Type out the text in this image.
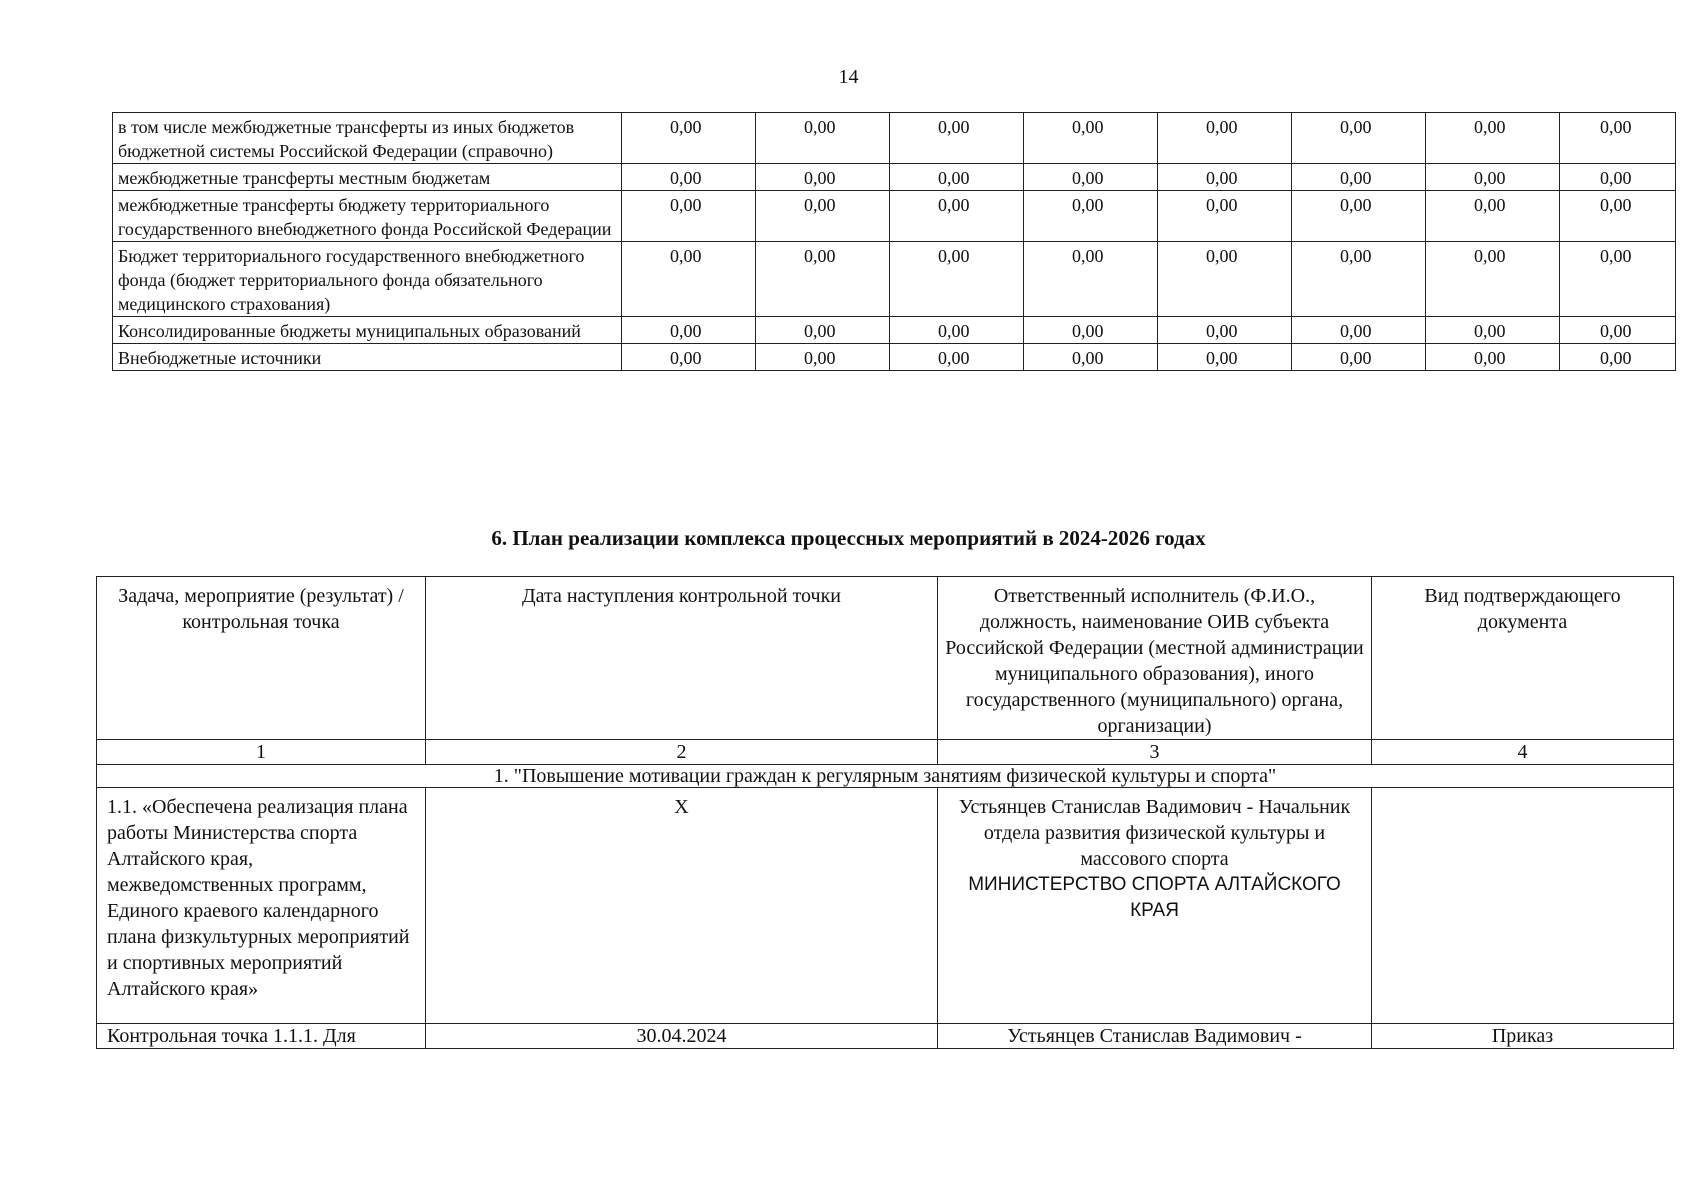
14
в том числе межбюджетные трансферты из иных бюджетов бюджетной системы Российской Федерации (справочно)	0,00	0,00	0,00	0,00	0,00	0,00	0,00	0,00
межбюджетные трансферты местным бюджетам	0,00	0,00	0,00	0,00	0,00	0,00	0,00	0,00
межбюджетные трансферты бюджету территориального государственного внебюджетного фонда Российской Федерации	0,00	0,00	0,00	0,00	0,00	0,00	0,00	0,00
Бюджет территориального государственного внебюджетного фонда (бюджет территориального фонда обязательного медицинского страхования)	0,00	0,00	0,00	0,00	0,00	0,00	0,00	0,00
Консолидированные бюджеты муниципальных образований	0,00	0,00	0,00	0,00	0,00	0,00	0,00	0,00
Внебюджетные источники	0,00	0,00	0,00	0,00	0,00	0,00	0,00	0,00
6. План реализации комплекса процессных мероприятий в 2024-2026 годах
Задача, мероприятие (результат) / контрольная точка	Дата наступления контрольной точки	Ответственный исполнитель (Ф.И.О., должность, наименование ОИВ субъекта Российской Федерации (местной администрации муниципального образования), иного государственного (муниципального) органа, организации)	Вид подтверждающего документа
1	2	3	4
1. "Повышение мотивации граждан к регулярным занятиям физической культуры и спорта"			
1.1. «Обеспечена реализация плана работы Министерства спорта Алтайского края, межведомственных программ, Единого краевого календарного плана физкультурных мероприятий и спортивных мероприятий Алтайского края»	X	Устьянцев Станислав Вадимович - Начальник отдела развития физической культуры и массового спорта
МИНИСТЕРСТВО СПОРТА АЛТАЙСКОГО КРАЯ	

Контрольная точка 1.1.1. Для	30.04.2024	Устьянцев Станислав Вадимович -	Приказ
